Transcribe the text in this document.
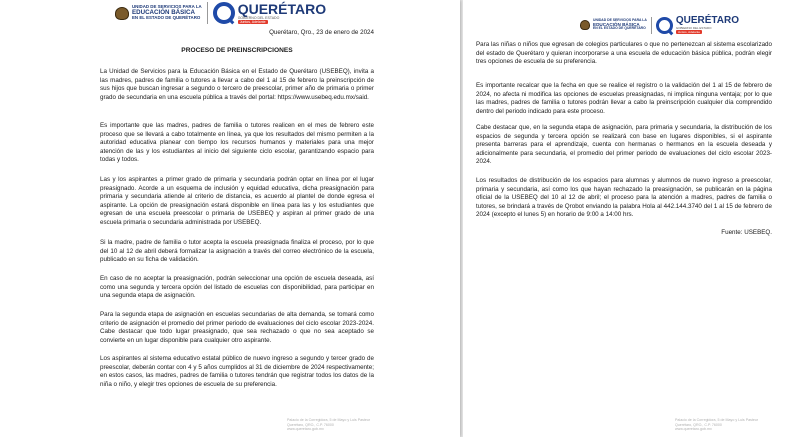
UNIDAD DE SERVICIOS PARA LA
EDUCACIÓN BÁSICA
EN EL ESTADO DE QUERÉTARO
QUERÉTARO
GOBIERNO DEL ESTADO
Juntos, Adelante

Querétaro, Qro., 23 de enero de 2024

PROCESO DE PREINSCRIPCIONES

La Unidad de Servicios para la Educación Básica en el Estado de Querétaro (USEBEQ), invita a las madres, padres de familia o tutores a llevar a cabo del 1 al 15 de febrero la preinscripción de sus hijos que buscan ingresar a segundo o tercero de preescolar, primer año de primaria o primer grado de secundaria en una escuela pública a través del portal: https://www.usebeq.edu.mx/said.

Es importante que las madres, padres de familia o tutores realicen en el mes de febrero este proceso que se llevará a cabo totalmente en línea, ya que los resultados del mismo permiten a la autoridad educativa planear con tiempo los recursos humanos y materiales para una mejor atención de las y los estudiantes al inicio del siguiente ciclo escolar, garantizando espacio para todas y todos.

Las y los aspirantes a primer grado de primaria y secundaria podrán optar en línea por el lugar preasignado. Acorde a un esquema de inclusión y equidad educativa, dicha preasignación para primaria y secundaria atiende al criterio de distancia, es acuerdo al plantel de donde egresa el aspirante. La opción de preasignación estará disponible en línea para las y los estudiantes que egresan de una escuela preescolar o primaria de USEBEQ y aspiran al primer grado de una escuela primaria o secundaria administrada por USEBEQ.

Si la madre, padre de familia o tutor acepta la escuela preasignada finaliza el proceso, por lo que del 10 al 12 de abril deberá formalizar la asignación a través del correo electrónico de la escuela, publicado en su ficha de validación.

En caso de no aceptar la preasignación, podrán seleccionar una opción de escuela deseada, así como una segunda y tercera opción del listado de escuelas con disponibilidad, para participar en una segunda etapa de asignación.

Para la segunda etapa de asignación en escuelas secundarias de alta demanda, se tomará como criterio de asignación el promedio del primer periodo de evaluaciones del ciclo escolar 2023-2024. Cabe destacar que todo lugar preasignado, que sea rechazado o que no sea aceptado se convierte en un lugar disponible para cualquier otro aspirante.

Los aspirantes al sistema educativo estatal público de nuevo ingreso a segundo y tercer grado de preescolar, deberán contar con 4 y 5 años cumplidos al 31 de diciembre de 2024 respectivamente; en estos casos, las madres, padres de familia o tutores tendrán que registrar todos los datos de la niña o niño, y elegir tres opciones de escuela de su preferencia.

Palacio de la Corregidora, 5 de Mayo y Luis Pasteur
Querétaro, QRO., C.P. 76000
www.queretaro.gob.mx
UNIDAD DE SERVICIOS PARA LA
EDUCACIÓN BÁSICA
EN EL ESTADO DE QUERÉTARO
QUERÉTARO
GOBIERNO DEL ESTADO
Juntos, Adelante

Para las niñas o niños que egresan de colegios particulares o que no pertenezcan al sistema escolarizado del estado de Querétaro y quieran incorporarse a una escuela de educación básica pública, podrán elegir tres opciones de escuela de su preferencia.

Es importante recalcar que la fecha en que se realice el registro o la validación del 1 al 15 de febrero de 2024, no afecta ni modifica las opciones de escuelas preasignadas, ni implica ninguna ventaja; por lo que las madres, padres de familia o tutores podrán llevar a cabo la preinscripción cualquier día comprendido dentro del periodo indicado para este proceso.

Cabe destacar que, en la segunda etapa de asignación, para primaria y secundaria, la distribución de los espacios de segunda y tercera opción se realizará con base en lugares disponibles, si el aspirante presenta barreras para el aprendizaje, cuenta con hermanas o hermanos en la escuela deseada y adicionalmente para secundaria, el promedio del primer periodo de evaluaciones del ciclo escolar 2023-2024.

Los resultados de distribución de los espacios para alumnas y alumnos de nuevo ingreso a preescolar, primaria y secundaria, así como los que hayan rechazado la preasignación, se publicarán en la página oficial de la USEBEQ del 10 al 12 de abril; el proceso para la atención a madres, padres de familia o tutores, se brindará a través de Qrobot enviando la palabra Hola al 442.144.3740 del 1 al 15 de febrero de 2024 (excepto el lunes 5) en horario de 9:00 a 14:00 hrs.

Fuente: USEBEQ.

Palacio de la Corregidora, 5 de Mayo y Luis Pasteur
Querétaro, QRO., C.P. 76000
www.queretaro.gob.mx
